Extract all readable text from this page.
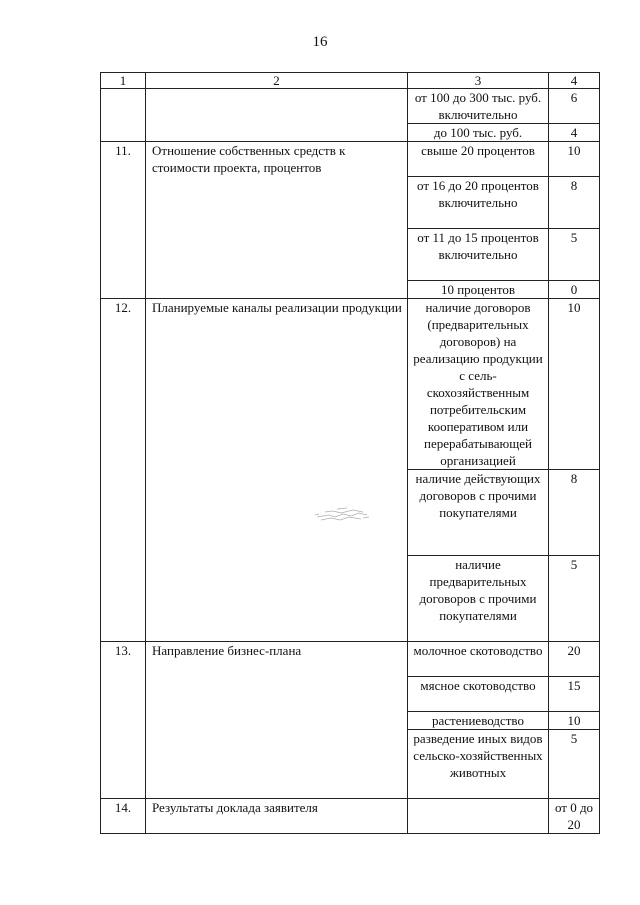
16
1	2	3	4
		от 100 до 300 тыс. руб. включительно	6
		до 100 тыс. руб.	4
11.	Отношение собственных средств к стоимости проекта, процентов	свыше 20 процентов	10
		от 16 до 20 процентов включительно	8
		от 11 до 15 процентов включительно	5
		10 процентов	0
12.	Планируемые каналы реализации продукции	наличие договоров (предварительных договоров) на реализацию продукции с сель-скохозяйственным потребительским кооперативом или перерабатывающей организацией	10
		наличие действующих договоров с прочими покупателями	8
		наличие предварительных договоров с прочими покупателями	5
13.	Направление бизнес-плана	молочное скотоводство	20
		мясное скотоводство	15
		растениеводство	10
		разведение иных видов сельско-хозяйственных животных	5
14.	Результаты доклада заявителя		от 0 до 20
